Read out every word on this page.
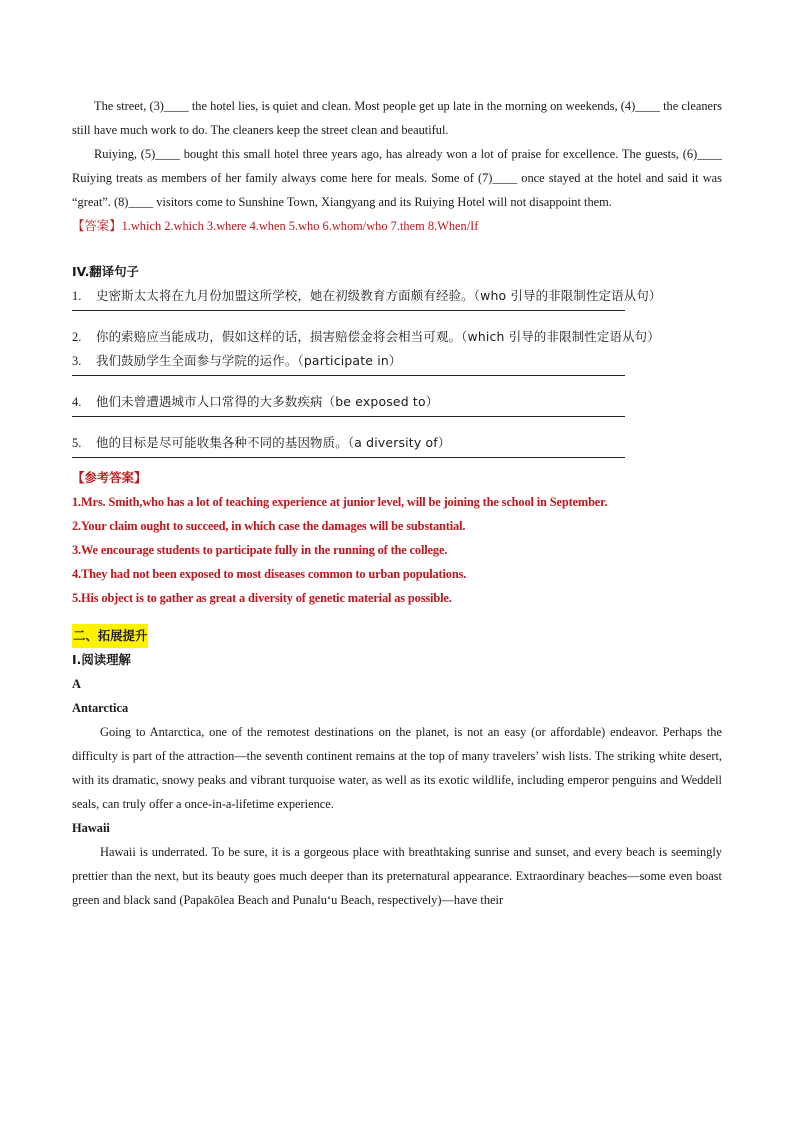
The street, (3)____ the hotel lies, is quiet and clean. Most people get up late in the morning on weekends, (4)____ the cleaners still have much work to do. The cleaners keep the street clean and beautiful.

Ruiying, (5)____ bought this small hotel three years ago, has already won a lot of praise for excellence. The guests, (6)____ Ruiying treats as members of her family always come here for meals. Some of (7)____ once stayed at the hotel and said it was “great”. (8)____ visitors come to Sunshine Town, Xiangyang and its Ruiying Hotel will not disappoint them.

【答案】1.which 2.which 3.where 4.when 5.who 6.whom/who 7.them 8.When/If

IV.翻译句子
1.	史密斯太太将在九月份加盟这所学校，她在初级教育方面颇有经验。（who 引导的非限制性定语从句）
2.	你的索赔应当能成功，假如这样的话，损害赔偿金将会相当可观。（which 引导的非限制性定语从句）
3.	我们鼓励学生全面参与学院的运作。（participate in）
4.	他们未曾遭遇城市人口常得的大多数疾病（be exposed to）
5.	他的目标是尽可能收集各种不同的基因物质。（a diversity of）
【参考答案】
1.Mrs. Smith,who has a lot of teaching experience at junior level, will be joining the school in September.
2.Your claim ought to succeed, in which case the damages will be substantial.
3.We encourage students to participate fully in the running of the college.
4.They had not been exposed to most diseases common to urban populations.
5.His object is to gather as great a diversity of genetic material as possible.
二、拓展提升

I.阅读理解

A

Antarctica

Going to Antarctica, one of the remotest destinations on the planet, is not an easy (or affordable) endeavor. Perhaps the difficulty is part of the attraction—the seventh continent remains at the top of many travelers’ wish lists. The striking white desert, with its dramatic, snowy peaks and vibrant turquoise water, as well as its exotic wildlife, including emperor penguins and Weddell seals, can truly offer a once-in-a-lifetime experience.

Hawaii

Hawaii is underrated. To be sure, it is a gorgeous place with breathtaking sunrise and sunset, and every beach is seemingly prettier than the next, but its beauty goes much deeper than its preternatural appearance. Extraordinary beaches—some even boast green and black sand (Papakōlea Beach and Punalu‘u Beach, respectively)—have their
